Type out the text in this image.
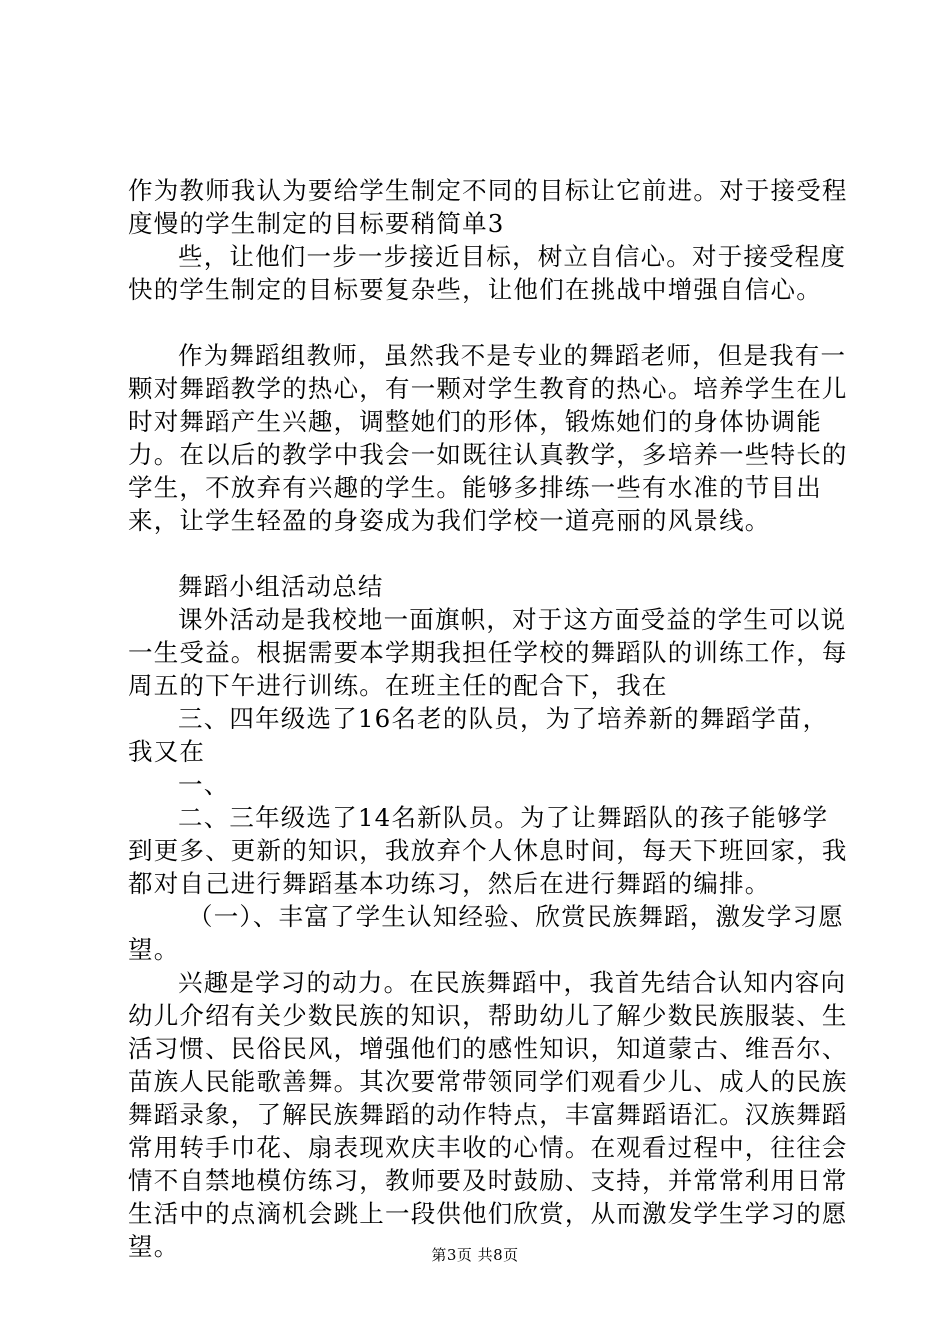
作为教师我认为要给学生制定不同的目标让它前进。对于接受程度慢的学生制定的目标要稍简单3

些，让他们一步一步接近目标，树立自信心。对于接受程度快的学生制定的目标要复杂些，让他们在挑战中增强自信心。

作为舞蹈组教师，虽然我不是专业的舞蹈老师，但是我有一颗对舞蹈教学的热心，有一颗对学生教育的热心。培养学生在儿时对舞蹈产生兴趣，调整她们的形体，锻炼她们的身体协调能力。在以后的教学中我会一如既往认真教学，多培养一些特长的学生，不放弃有兴趣的学生。能够多排练一些有水准的节目出来，让学生轻盈的身姿成为我们学校一道亮丽的风景线。

舞蹈小组活动总结

课外活动是我校地一面旗帜，对于这方面受益的学生可以说一生受益。根据需要本学期我担任学校的舞蹈队的训练工作，每周五的下午进行训练。在班主任的配合下，我在

三、四年级选了16名老的队员，为了培养新的舞蹈学苗，我又在

一、

二、三年级选了14名新队员。为了让舞蹈队的孩子能够学到更多、更新的知识，我放弃个人休息时间，每天下班回家，我都对自己进行舞蹈基本功练习，然后在进行舞蹈的编排。

（一）、丰富了学生认知经验、欣赏民族舞蹈，激发学习愿望。

兴趣是学习的动力。在民族舞蹈中，我首先结合认知内容向幼儿介绍有关少数民族的知识，帮助幼儿了解少数民族服装、生活习惯、民俗民风，增强他们的感性知识，知道蒙古、维吾尔、苗族人民能歌善舞。其次要常带领同学们观看少儿、成人的民族舞蹈录象，了解民族舞蹈的动作特点，丰富舞蹈语汇。汉族舞蹈常用转手巾花、扇表现欢庆丰收的心情。在观看过程中，往往会情不自禁地模仿练习，教师要及时鼓励、支持，并常常利用日常生活中的点滴机会跳上一段供他们欣赏，从而激发学生学习的愿望。	第3页 共8页
